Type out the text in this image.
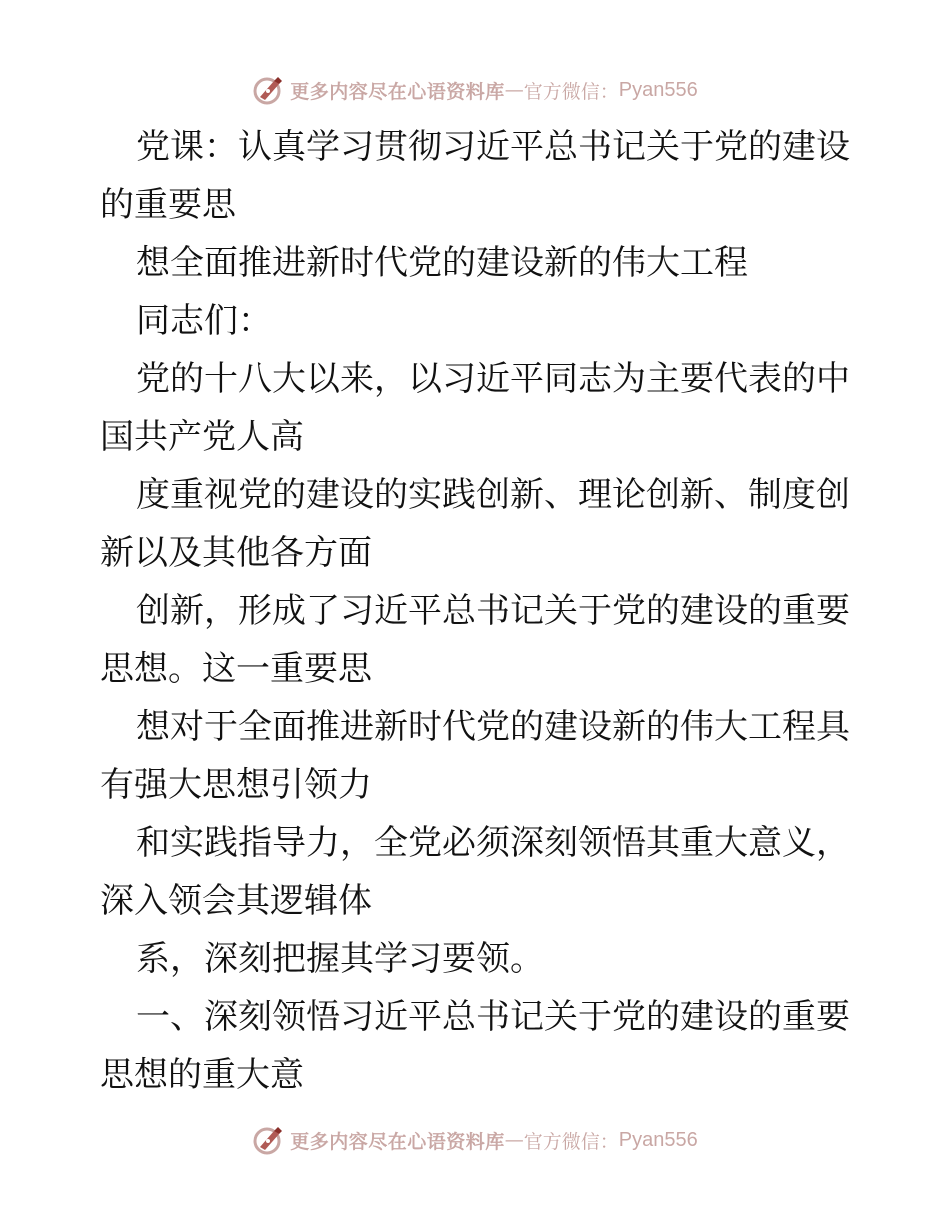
更多内容尽在心语资料库 — 官方微信： Pyan556

党课：认真学习贯彻习近平总书记关于党的建设

的重要思

想全面推进新时代党的建设新的伟大工程

同志们：

党的十八大以来，以习近平同志为主要代表的中

国共产党人高

度重视党的建设的实践创新、理论创新、制度创

新以及其他各方面

创新，形成了习近平总书记关于党的建设的重要

思想。这一重要思

想对于全面推进新时代党的建设新的伟大工程具

有强大思想引领力

和实践指导力，全党必须深刻领悟其重大意义，

深入领会其逻辑体

系，深刻把握其学习要领。

一、深刻领悟习近平总书记关于党的建设的重要

思想的重大意

更多内容尽在心语资料库 — 官方微信： Pyan556
